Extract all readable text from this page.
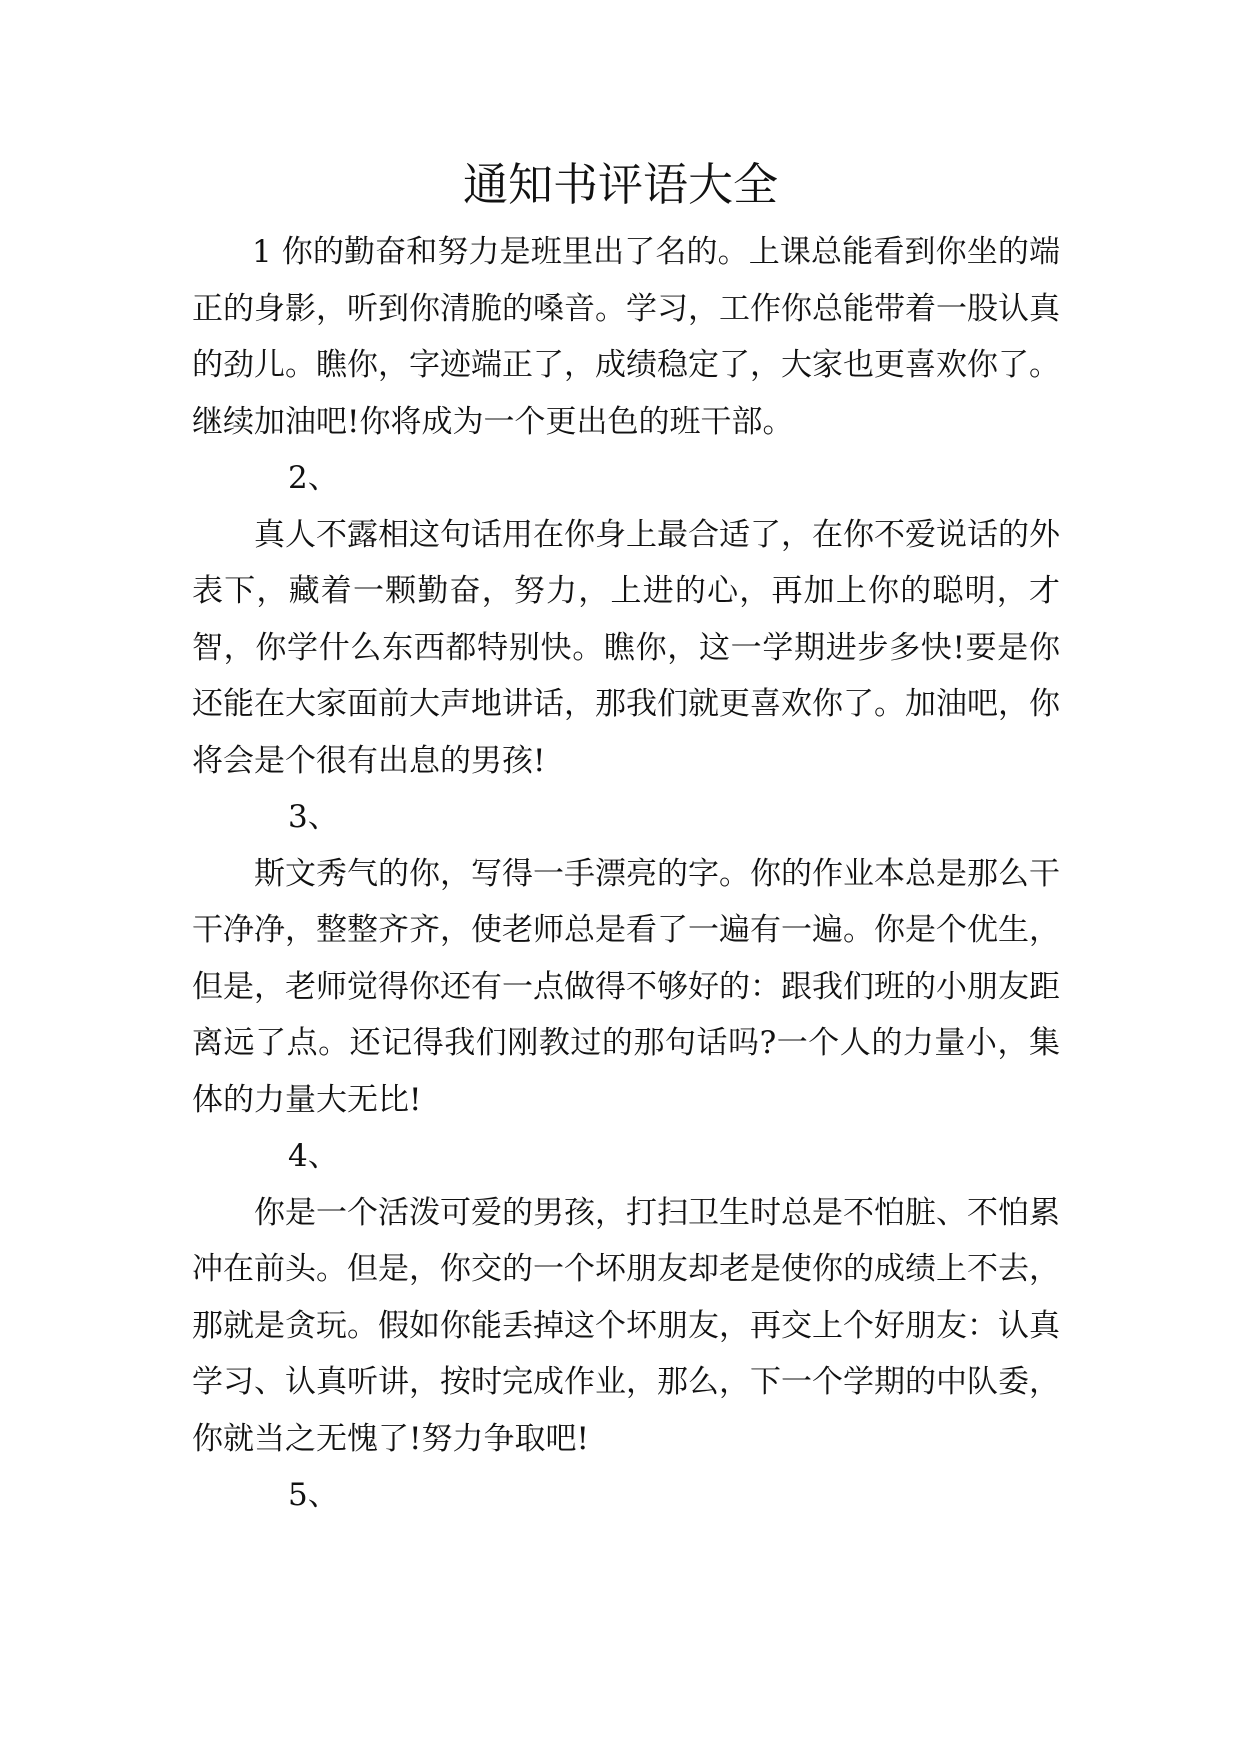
通知书评语大全

1 你的勤奋和努力是班里出了名的。上课总能看到你坐的端正的身影，听到你清脆的嗓音。学习，工作你总能带着一股认真的劲儿。瞧你，字迹端正了，成绩稳定了，大家也更喜欢你了。继续加油吧!你将成为一个更出色的班干部。

2、

真人不露相这句话用在你身上最合适了，在你不爱说话的外表下，藏着一颗勤奋，努力，上进的心，再加上你的聪明，才智，你学什么东西都特别快。瞧你，这一学期进步多快!要是你还能在大家面前大声地讲话，那我们就更喜欢你了。加油吧，你将会是个很有出息的男孩!

3、

斯文秀气的你，写得一手漂亮的字。你的作业本总是那么干干净净，整整齐齐，使老师总是看了一遍有一遍。你是个优生，但是，老师觉得你还有一点做得不够好的：跟我们班的小朋友距离远了点。还记得我们刚教过的那句话吗?一个人的力量小，集体的力量大无比!

4、

你是一个活泼可爱的男孩，打扫卫生时总是不怕脏、不怕累冲在前头。但是，你交的一个坏朋友却老是使你的成绩上不去，那就是贪玩。假如你能丢掉这个坏朋友，再交上个好朋友：认真学习、认真听讲，按时完成作业，那么，下一个学期的中队委，你就当之无愧了!努力争取吧!

5、
